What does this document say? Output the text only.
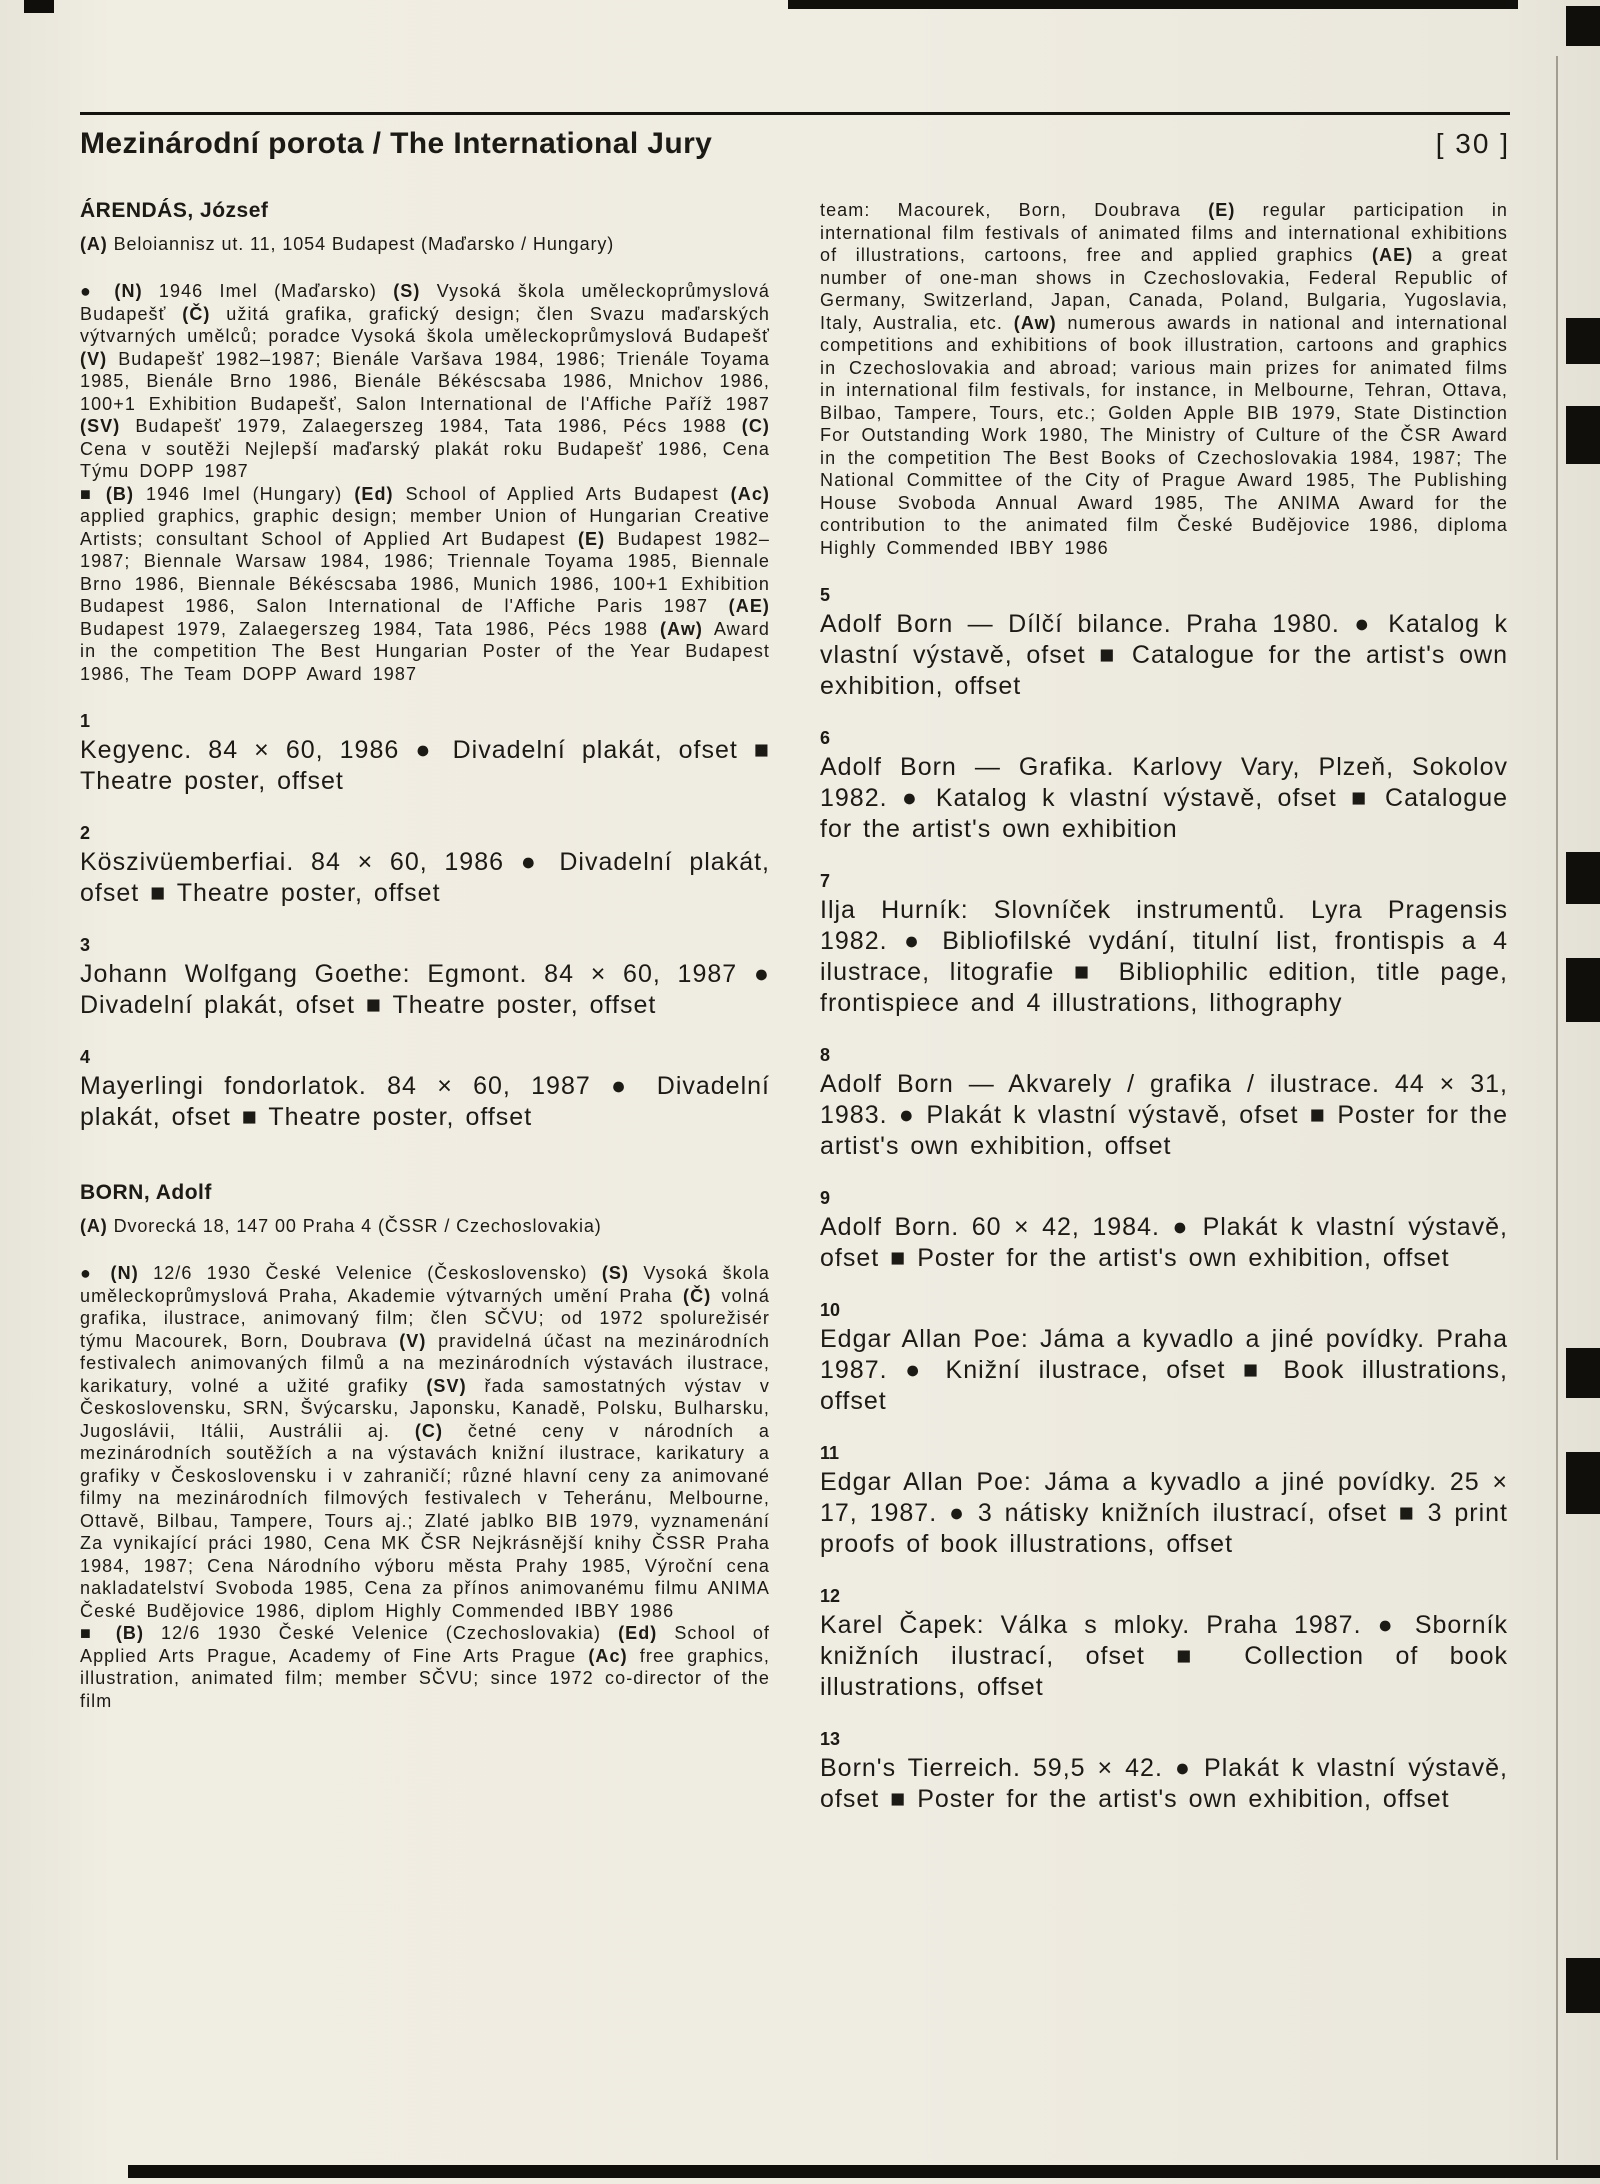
Mezinárodní porota / The International Jury	[ 30 ]
ÁRENDÁS, József

(A) Beloiannisz ut. 11, 1054 Budapest (Maďarsko / Hungary)

● (N) 1946 Imel (Maďarsko) (S) Vysoká škola uměleckoprůmyslová Budapešť (Č) užitá grafika, grafický design; člen Svazu maďarských výtvarných umělců; poradce Vysoká škola uměleckoprůmyslová Budapešť (V) Budapešť 1982–1987; Bienále Varšava 1984, 1986; Trienále Toyama 1985, Bienále Brno 1986, Bienále Békéscsaba 1986, Mnichov 1986, 100+1 Exhibition Budapešť, Salon International de l'Affiche Paříž 1987 (SV) Budapešť 1979, Zalaegerszeg 1984, Tata 1986, Pécs 1988 (C) Cena v soutěži Nejlepší maďarský plakát roku Budapešť 1986, Cena Týmu DOPP 1987

■ (B) 1946 Imel (Hungary) (Ed) School of Applied Arts Budapest (Ac) applied graphics, graphic design; member Union of Hungarian Creative Artists; consultant School of Applied Art Budapest (E) Budapest 1982–1987; Biennale Warsaw 1984, 1986; Triennale Toyama 1985, Biennale Brno 1986, Biennale Békéscsaba 1986, Munich 1986, 100+1 Exhibition Budapest 1986, Salon International de l'Affiche Paris 1987 (AE) Budapest 1979, Zalaegerszeg 1984, Tata 1986, Pécs 1988 (Aw) Award in the competition The Best Hungarian Poster of the Year Budapest 1986, The Team DOPP Award 1987

1

Kegyenc. 84 × 60, 1986 ● Divadelní plakát, ofset ■ Theatre poster, offset

2

Köszivüemberfiai. 84 × 60, 1986 ● Divadelní plakát, ofset ■ Theatre poster, offset

3

Johann Wolfgang Goethe: Egmont. 84 × 60, 1987 ● Divadelní plakát, ofset ■ Theatre poster, offset

4

Mayerlingi fondorlatok. 84 × 60, 1987 ● Divadelní plakát, ofset ■ Theatre poster, offset

BORN, Adolf

(A) Dvorecká 18, 147 00 Praha 4 (ČSSR / Czechoslovakia)

● (N) 12/6 1930 České Velenice (Československo) (S) Vysoká škola uměleckoprůmyslová Praha, Akademie výtvarných umění Praha (Č) volná grafika, ilustrace, animovaný film; člen SČVU; od 1972 spolurežisér týmu Macourek, Born, Doubrava (V) pravidelná účast na mezinárodních festivalech animovaných filmů a na mezinárodních výstavách ilustrace, karikatury, volné a užité grafiky (SV) řada samostatných výstav v Československu, SRN, Švýcarsku, Japonsku, Kanadě, Polsku, Bulharsku, Jugoslávii, Itálii, Austrálii aj. (C) četné ceny v národních a mezinárodních soutěžích a na výstavách knižní ilustrace, karikatury a grafiky v Československu i v zahraničí; různé hlavní ceny za animované filmy na mezinárodních filmových festivalech v Teheránu, Melbourne, Ottavě, Bilbau, Tampere, Tours aj.; Zlaté jablko BIB 1979, vyznamenání Za vynikající práci 1980, Cena MK ČSR Nejkrásnější knihy ČSSR Praha 1984, 1987; Cena Národního výboru města Prahy 1985, Výroční cena nakladatelství Svoboda 1985, Cena za přínos animovanému filmu ANIMA České Budějovice 1986, diplom Highly Commended IBBY 1986

■ (B) 12/6 1930 České Velenice (Czechoslovakia) (Ed) School of Applied Arts Prague, Academy of Fine Arts Prague (Ac) free graphics, illustration, animated film; member SČVU; since 1972 co-director of the film

team: Macourek, Born, Doubrava (E) regular participation in international film festivals of animated films and international exhibitions of illustrations, cartoons, free and applied graphics (AE) a great number of one-man shows in Czechoslovakia, Federal Republic of Germany, Switzerland, Japan, Canada, Poland, Bulgaria, Yugoslavia, Italy, Australia, etc. (Aw) numerous awards in national and international competitions and exhibitions of book illustration, cartoons and graphics in Czechoslovakia and abroad; various main prizes for animated films in international film festivals, for instance, in Melbourne, Tehran, Ottava, Bilbao, Tampere, Tours, etc.; Golden Apple BIB 1979, State Distinction For Outstanding Work 1980, The Ministry of Culture of the ČSR Award in the competition The Best Books of Czechoslovakia 1984, 1987; The National Committee of the City of Prague Award 1985, The Publishing House Svoboda Annual Award 1985, The ANIMA Award for the contribution to the animated film České Budějovice 1986, diploma Highly Commended IBBY 1986

5

Adolf Born — Dílčí bilance. Praha 1980. ● Katalog k vlastní výstavě, ofset ■ Catalogue for the artist's own exhibition, offset

6

Adolf Born — Grafika. Karlovy Vary, Plzeň, Sokolov 1982. ● Katalog k vlastní výstavě, ofset ■ Catalogue for the artist's own exhibition

7

Ilja Hurník: Slovníček instrumentů. Lyra Pragensis 1982. ● Bibliofilské vydání, titulní list, frontispis a 4 ilustrace, litografie ■ Bibliophilic edition, title page, frontispiece and 4 illustrations, lithography

8

Adolf Born — Akvarely / grafika / ilustrace. 44 × 31, 1983. ● Plakát k vlastní výstavě, ofset ■ Poster for the artist's own exhibition, offset

9

Adolf Born. 60 × 42, 1984. ● Plakát k vlastní výstavě, ofset ■ Poster for the artist's own exhibition, offset

10

Edgar Allan Poe: Jáma a kyvadlo a jiné povídky. Praha 1987. ● Knižní ilustrace, ofset ■ Book illustrations, offset

11

Edgar Allan Poe: Jáma a kyvadlo a jiné povídky. 25 × 17, 1987. ● 3 nátisky knižních ilustrací, ofset ■ 3 print proofs of book illustrations, offset

12

Karel Čapek: Válka s mloky. Praha 1987. ● Sborník knižních ilustrací, ofset ■ Collection of book illustrations, offset

13

Born's Tierreich. 59,5 × 42. ● Plakát k vlastní výstavě, ofset ■ Poster for the artist's own exhibition, offset
